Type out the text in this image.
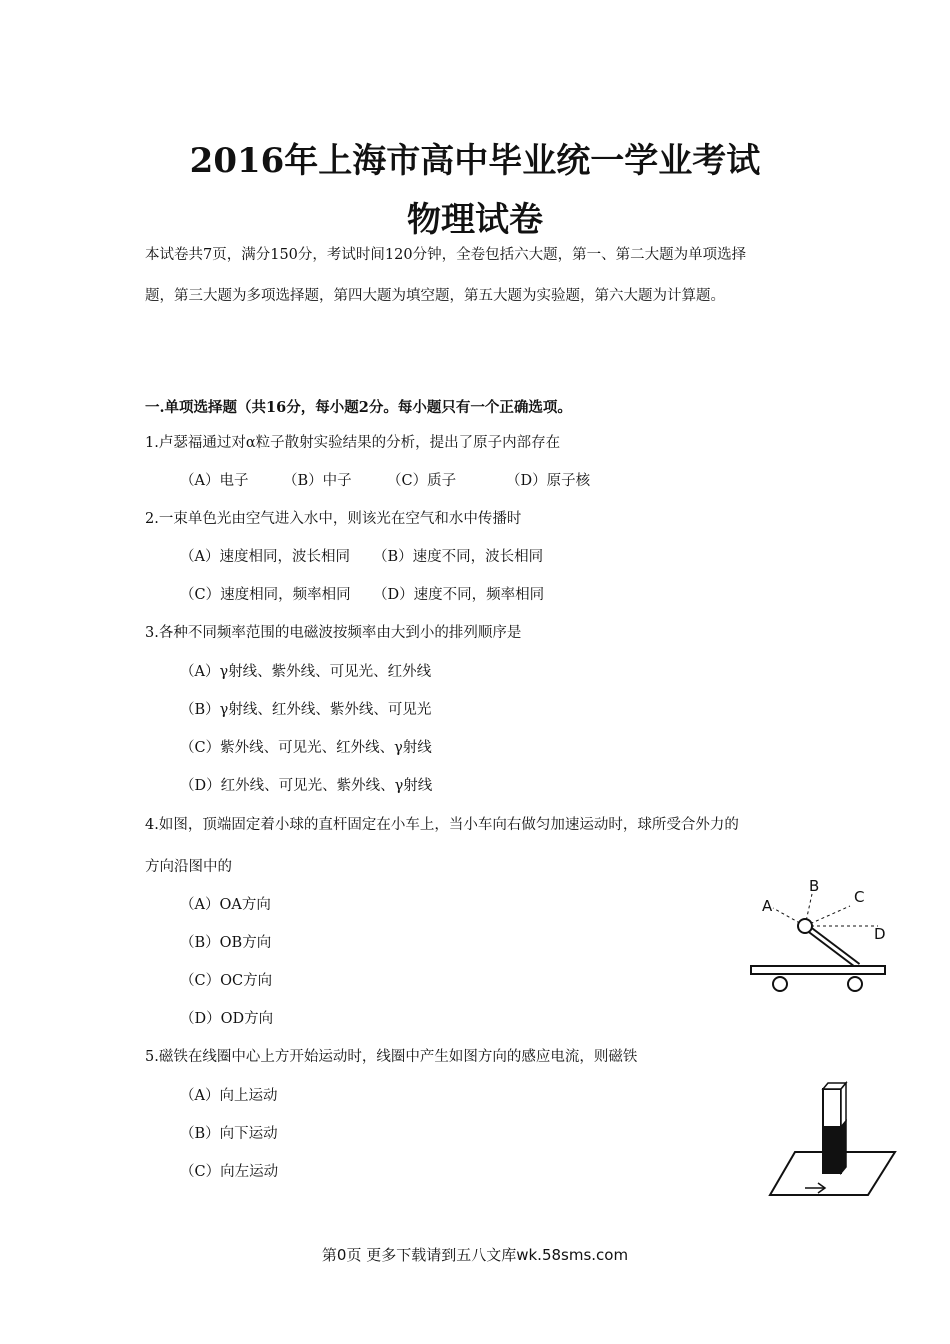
2016年上海市高中毕业统一学业考试
物理试卷
本试卷共7页，满分150分，考试时间120分钟，全卷包括六大题，第一、第二大题为单项选择
题，第三大题为多项选择题，第四大题为填空题，第五大题为实验题，第六大题为计算题。
一.单项选择题（共16分，每小题2分。每小题只有一个正确选项。
1.卢瑟福通过对α粒子散射实验结果的分析，提出了原子内部存在
（A）电子 （B）中子 （C）质子	（D）原子核
2.一束单色光由空气进入水中，则该光在空气和水中传播时
（A）速度相同，波长相同 （B）速度不同，波长相同
（C）速度相同，频率相同 （D）速度不同，频率相同
3.各种不同频率范围的电磁波按频率由大到小的排列顺序是
（A）γ射线、紫外线、可见光、红外线
（B）γ射线、红外线、紫外线、可见光
（C）紫外线、可见光、红外线、γ射线
（D）红外线、可见光、紫外线、γ射线
4.如图，顶端固定着小球的直杆固定在小车上，当小车向右做匀加速运动时，球所受合外力的
方向沿图中的
（A）OA方向
（B）OB方向
（C）OC方向
（D）OD方向
A
B
C
D
5.磁铁在线圈中心上方开始运动时，线圈中产生如图方向的感应电流，则磁铁
（A）向上运动
（B）向下运动
（C）向左运动
第0页 更多下载请到五八文库wk.58sms.com
